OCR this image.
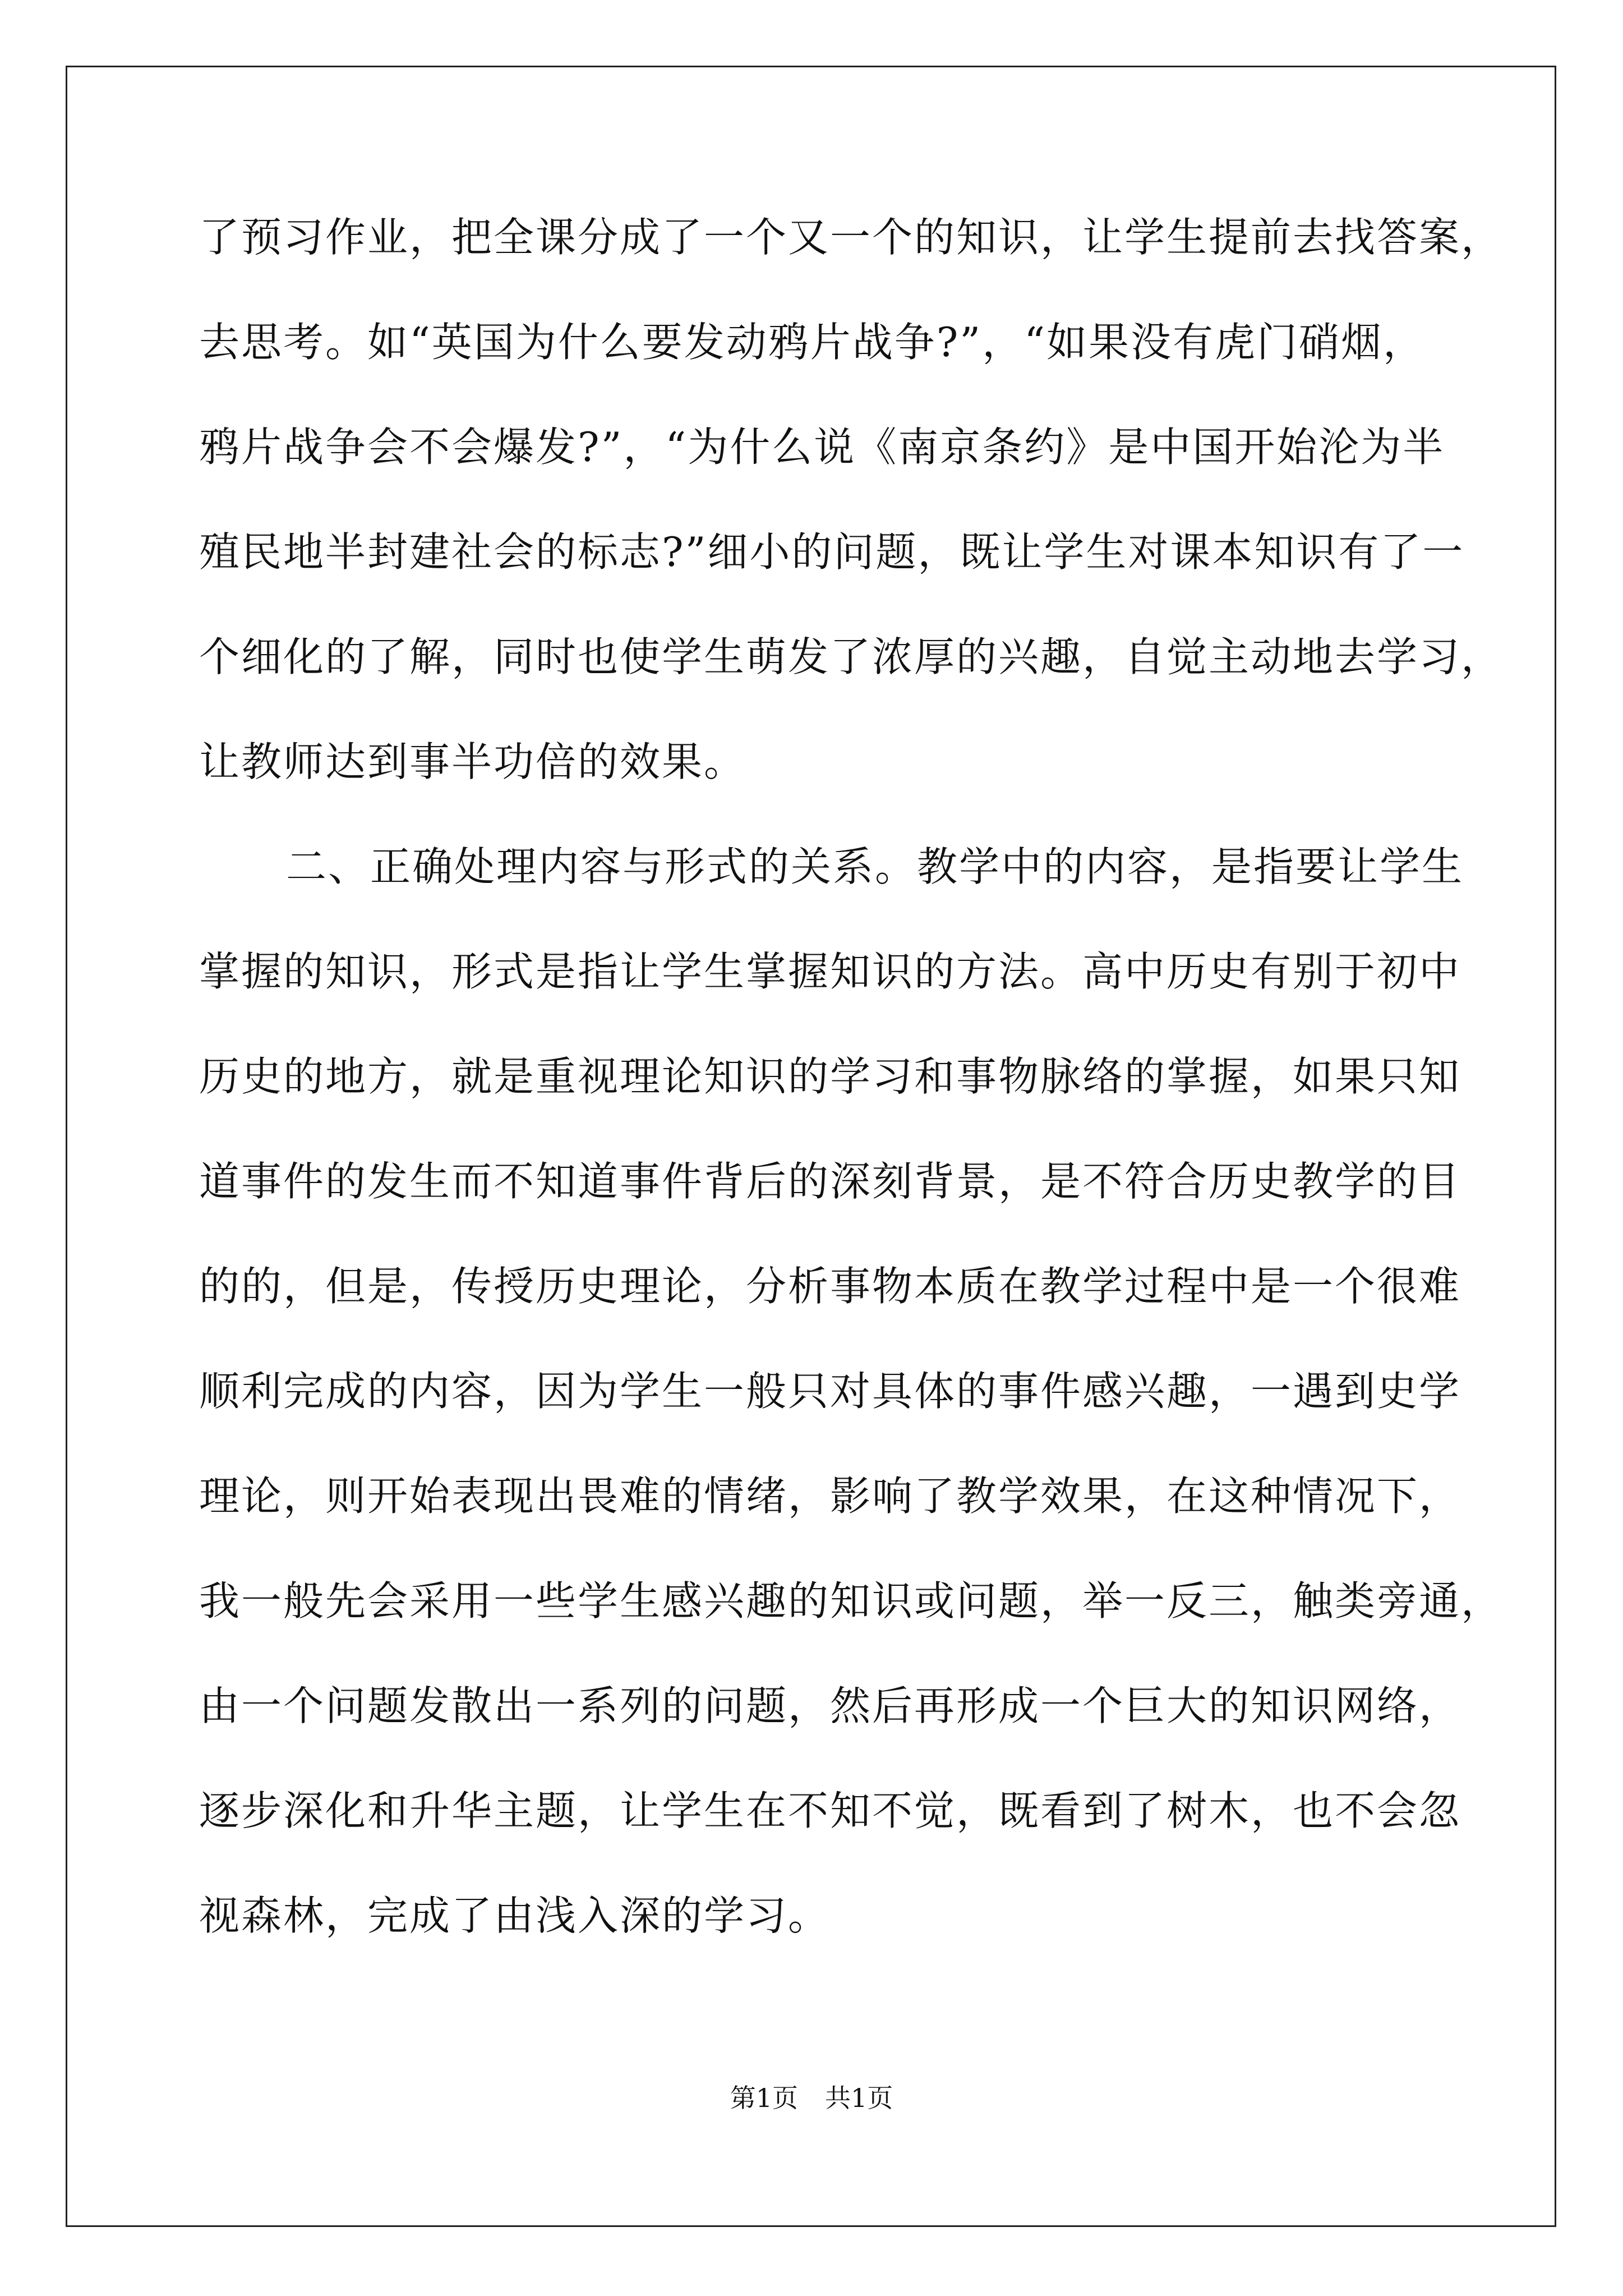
了预习作业，把全课分成了一个又一个的知识，让学生提前去找答案，
去思考。如“英国为什么要发动鸦片战争?”，“如果没有虎门硝烟，
鸦片战争会不会爆发?”，“为什么说《南京条约》是中国开始沦为半
殖民地半封建社会的标志?”细小的问题，既让学生对课本知识有了一
个细化的了解，同时也使学生萌发了浓厚的兴趣，自觉主动地去学习，
让教师达到事半功倍的效果。
二、正确处理内容与形式的关系。教学中的内容，是指要让学生
掌握的知识，形式是指让学生掌握知识的方法。高中历史有别于初中
历史的地方，就是重视理论知识的学习和事物脉络的掌握，如果只知
道事件的发生而不知道事件背后的深刻背景，是不符合历史教学的目
的的，但是，传授历史理论，分析事物本质在教学过程中是一个很难
顺利完成的内容，因为学生一般只对具体的事件感兴趣，一遇到史学
理论，则开始表现出畏难的情绪，影响了教学效果，在这种情况下，
我一般先会采用一些学生感兴趣的知识或问题，举一反三，触类旁通，
由一个问题发散出一系列的问题，然后再形成一个巨大的知识网络，
逐步深化和升华主题，让学生在不知不觉，既看到了树木，也不会忽
视森林，完成了由浅入深的学习。
第1页 共1页
